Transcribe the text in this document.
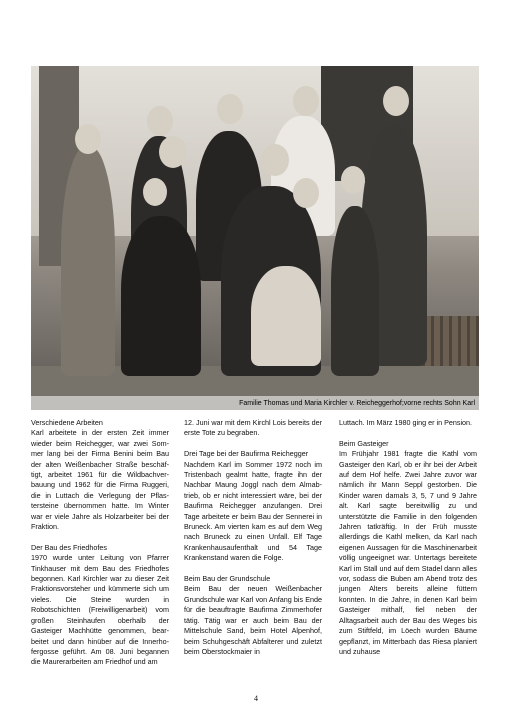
Familie Thomas und Maria Kirchler v. Reicheggerhof;vorne rechts Sohn Karl
Verschiedene Arbeiten

Karl arbeitete in der ersten Zeit immer wieder beim Reichegger, war zwei Sommer lang bei der Firma Benini beim Bau der alten Weißenbacher Straße beschäftigt, arbeitet 1961 für die Wildbachverbauung und 1962 für die Firma Ruggeri, die in Luttach die Verlegung der Pflastersteine übernommen hatte. Im Winter war er viele Jahre als Holzarbeiter bei der Fraktion.

Der Bau des Friedhofes

1970 wurde unter Leitung von Pfarrer Tinkhauser mit dem Bau des Friedhofes begonnen. Karl Kirchler war zu dieser Zeit Fraktionsvorsteher und kümmerte sich um vieles. Die Steine wurden in Robotschichten (Freiwilligenarbeit) vom großen Steinhaufen oberhalb der Gasteiger Machhütte genommen, bearbeitet und dann hinüber auf die Innerhofergosse geführt. Am 08. Juni begannen die Maurerarbeiten am Friedhof und am

12. Juni war mit dem Kirchl Lois bereits der erste Tote zu begraben.

Drei Tage bei der Baufirma Reichegger

Nachdem Karl im Sommer 1972 noch im Tristenbach gealmt hatte, fragte ihn der Nachbar Maung Joggl nach dem Almabtrieb, ob er nicht interessiert wäre, bei der Baufirma Reichegger anzufangen. Drei Tage arbeitete er beim Bau der Sennerei in Bruneck. Am vierten kam es auf dem Weg nach Bruneck zu einen Unfall. Elf Tage Krankenhausaufenthalt und 54 Tage Krankenstand waren die Folge.

Beim Bau der Grundschule

Beim Bau der neuen Weißenbacher Grundschule war Karl von Anfang bis Ende für die beauftragte Baufirma Zimmerhofer tätig. Tätig war er auch beim Bau der Mittelschule Sand, beim Hotel Alpenhof, beim Schuhgeschäft Abfalterer und zuletzt beim Oberstockmaier in

Luttach. Im März 1980 ging er in Pension.

Beim Gasteiger

Im Frühjahr 1981 fragte die Kathl vom Gasteiger den Karl, ob er ihr bei der Arbeit auf dem Hof helfe. Zwei Jahre zuvor war nämlich ihr Mann Seppl gestorben. Die Kinder waren damals 3, 5, 7 und 9 Jahre alt. Karl sagte bereitwillig zu und unterstützte die Familie in den folgenden Jahren tatkräftig. In der Früh musste allerdings die Kathl melken, da Karl nach eigenen Aussagen für die Maschinenarbeit völlig ungeeignet war. Untertags bereitete Karl im Stall und auf dem Stadel dann alles vor, sodass die Buben am Abend trotz des jungen Alters bereits alleine füttern konnten. In die Jahre, in denen Karl beim Gasteiger mithalf, fiel neben der Alltagsarbeit auch der Bau des Weges bis zum Stiftfeld, im Löech wurden Bäume gepflanzt, im Mitterbach das Riesa planiert und zuhause

4
